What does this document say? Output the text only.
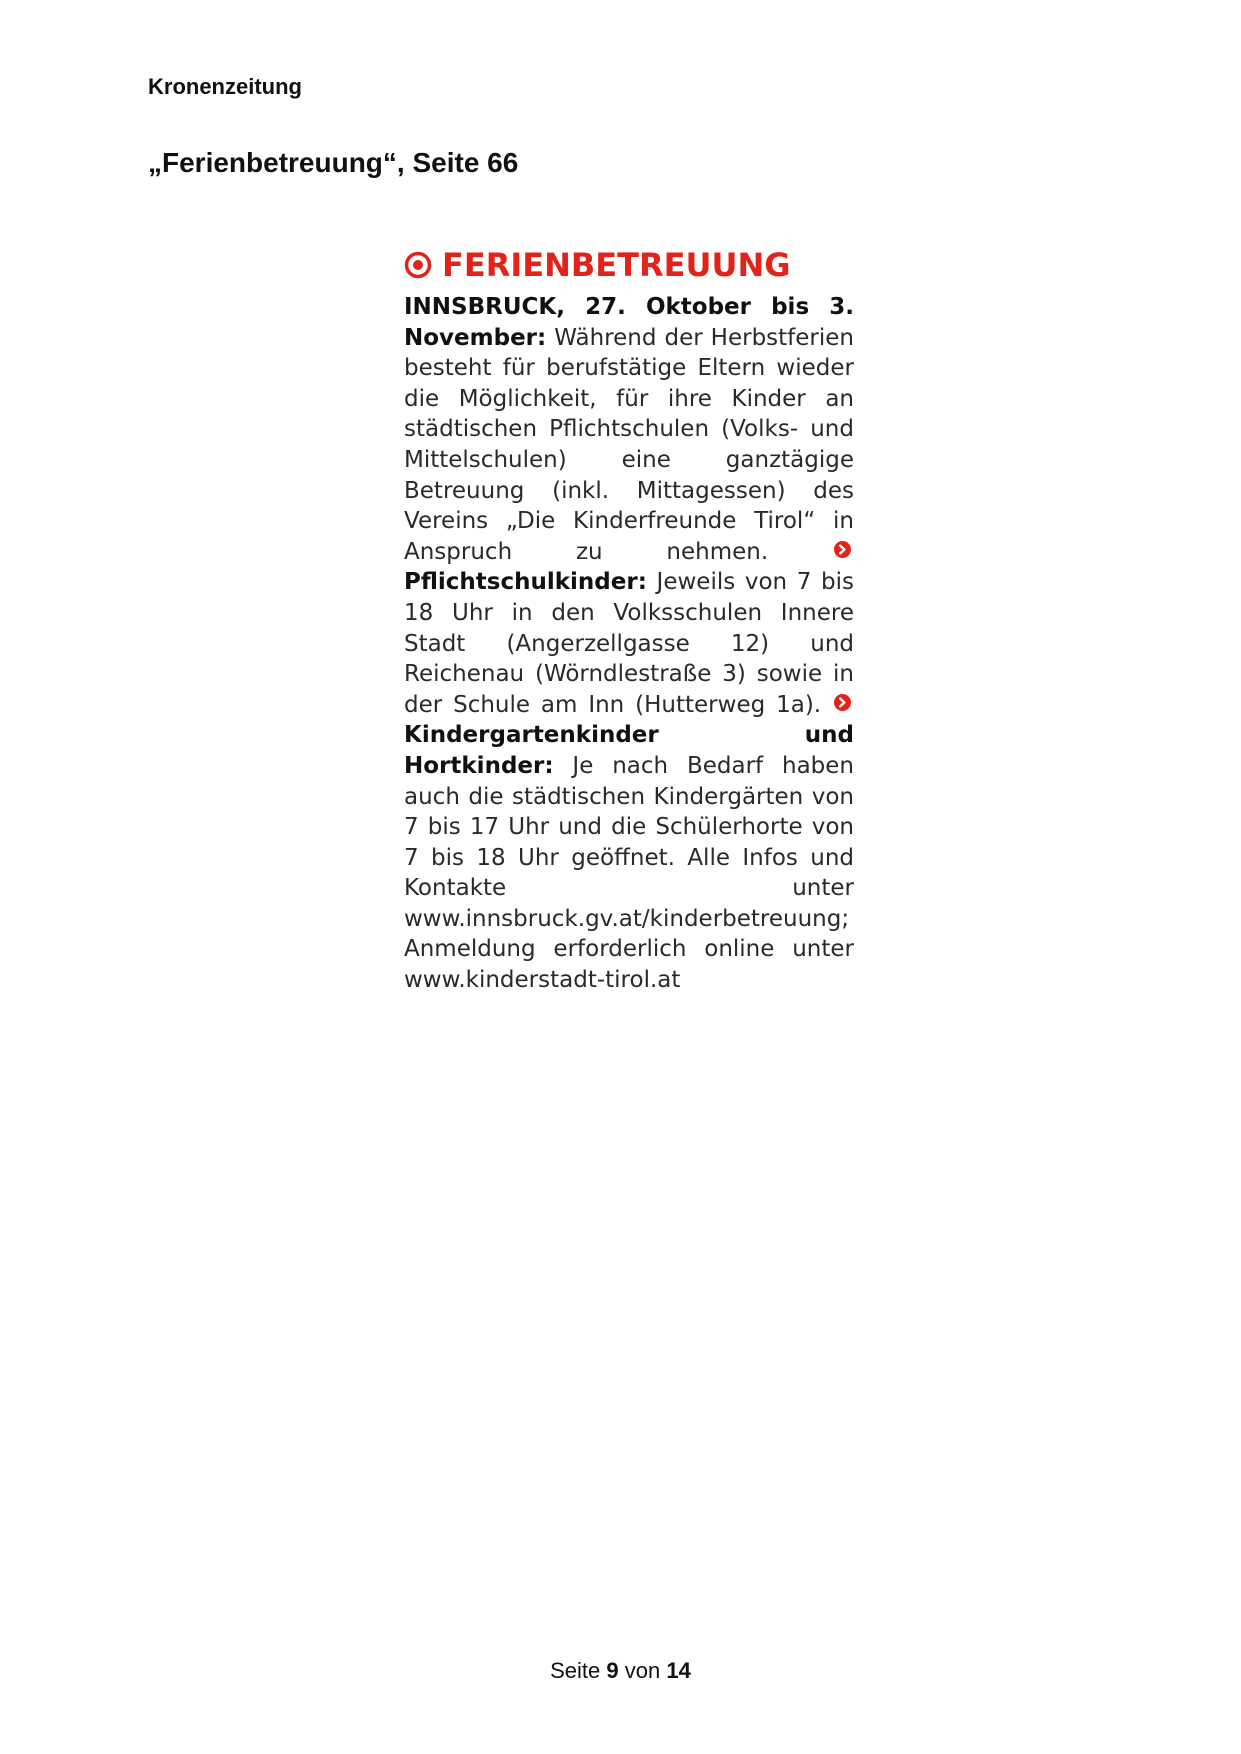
Kronenzeitung
„Ferienbetreuung“, Seite 66
FERIENBETREUUNG
INNSBRUCK, 27. Oktober bis 3. November: Während der Herbstferien besteht für berufstätige Eltern wieder die Möglichkeit, für ihre Kinder an städtischen Pflichtschulen (Volks- und Mittelschulen) eine ganztägige Betreuung (inkl. Mittagessen) des Vereins „Die Kinderfreunde Tirol“ in Anspruch zu nehmen.  Pflichtschulkinder: Jeweils von 7 bis 18 Uhr in den Volksschulen Innere Stadt (Angerzellgasse 12) und Reichenau (Wörndlestraße 3) sowie in der Schule am Inn (Hutterweg 1a).  Kindergartenkinder und Hortkinder: Je nach Bedarf haben auch die städtischen Kindergärten von 7 bis 17 Uhr und die Schülerhorte von 7 bis 18 Uhr geöffnet. Alle Infos und Kontakte unter www.innsbruck.gv.at/kinderbetreuung; Anmeldung erforderlich online unter www.kinderstadt-tirol.at
Seite 9 von 14
